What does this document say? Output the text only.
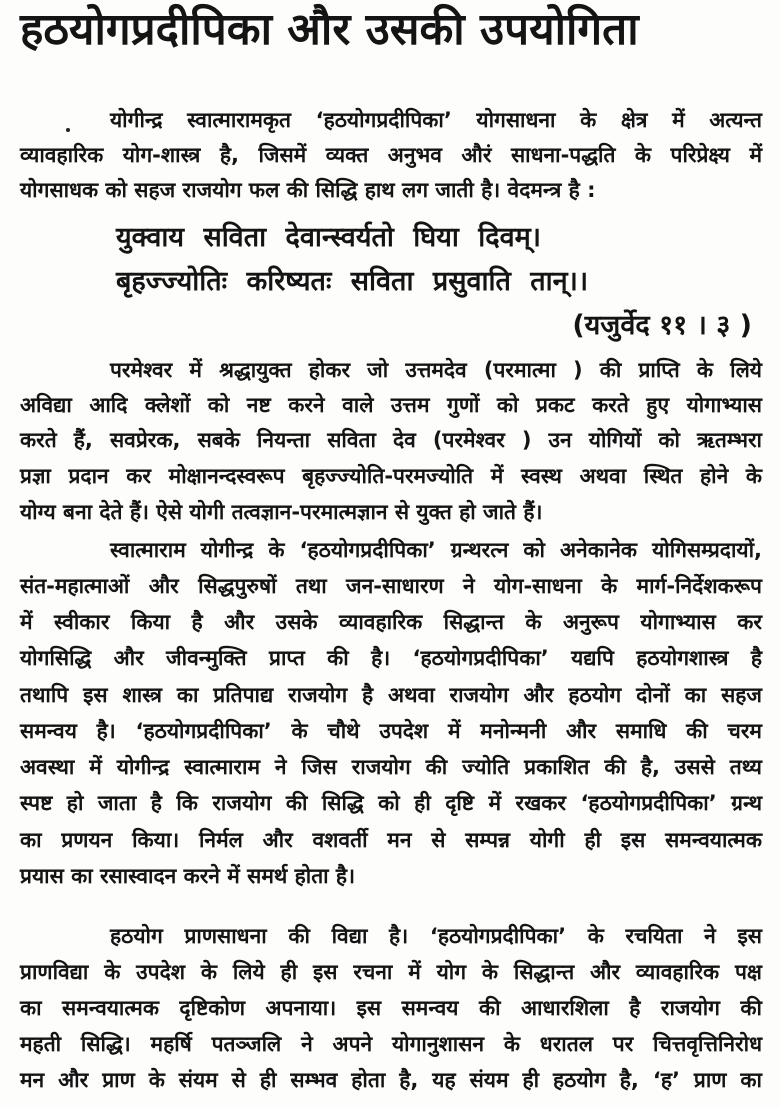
हठयोगप्रदीपिका और उसकी उपयोगिता
योगीन्द्र स्वात्मारामकृत ‘हठयोगप्रदीपिका’ योगसाधना के क्षेत्र में अत्यन्त
व्यावहारिक योग-शास्त्र है, जिसमें व्यक्त अनुभव औरं साधना-पद्धति के परिप्रेक्ष्य में
योगसाधक को सहज राजयोग फल की सिद्धि हाथ लग जाती है। वेदमन्त्र है :
युक्वाय सविता देवान्स्वर्यतो घिया दिवम्।
बृहज्ज्योतिः करिष्यतः सविता प्रसुवाति तान्।।
(यजुर्वेद ११ । ३ )
परमेश्वर में श्रद्धायुक्त होकर जो उत्तमदेव (परमात्मा ) की प्राप्ति के लिये
अविद्या आदि क्लेशों को नष्ट करने वाले उत्तम गुणों को प्रकट करते हुए योगाभ्यास
करते हैं, सवप्रेरक, सबके नियन्ता सविता देव (परमेश्वर ) उन योगियों को ऋतम्भरा
प्रज्ञा प्रदान कर मोक्षानन्दस्वरूप बृहज्ज्योति-परमज्योति में स्वस्थ अथवा स्थित होने के
योग्य बना देते हैं। ऐसे योगी तत्वज्ञान-परमात्मज्ञान से युक्त हो जाते हैं।
स्वात्माराम योगीन्द्र के ‘हठयोगप्रदीपिका’ ग्रन्थरत्न को अनेकानेक योगिसम्प्रदायों,
संत-महात्माओं और सिद्धपुरुषों तथा जन-साधारण ने योग-साधना के मार्ग-निर्देशकरूप
में स्वीकार किया है और उसके व्यावहारिक सिद्धान्त के अनुरूप योगाभ्यास कर
योगसिद्धि और जीवन्मुक्ति प्राप्त की है। ‘हठयोगप्रदीपिका’ यद्यपि हठयोगशास्त्र है
तथापि इस शास्त्र का प्रतिपाद्य राजयोग है अथवा राजयोग और हठयोग दोनों का सहज
समन्वय है। ‘हठयोगप्रदीपिका’ के चौथे उपदेश में मनोन्मनी और समाधि की चरम
अवस्था में योगीन्द्र स्वात्माराम ने जिस राजयोग की ज्योति प्रकाशित की है, उससे तथ्य
स्पष्ट हो जाता है कि राजयोग की सिद्धि को ही दृष्टि में रखकर ‘हठयोगप्रदीपिका’ ग्रन्थ
का प्रणयन किया। निर्मल और वशवर्ती मन से सम्पन्न योगी ही इस समन्वयात्मक
प्रयास का रसास्वादन करने में समर्थ होता है।
हठयोग प्राणसाधना की विद्या है। ‘हठयोगप्रदीपिका’ के रचयिता ने इस
प्राणविद्या के उपदेश के लिये ही इस रचना में योग के सिद्धान्त और व्यावहारिक पक्ष
का समन्वयात्मक दृष्टिकोण अपनाया। इस समन्वय की आधारशिला है राजयोग की
महती सिद्धि। महर्षि पतञ्जलि ने अपने योगानुशासन के धरातल पर चित्तवृत्तिनिरोध
मन और प्राण के संयम से ही सम्भव होता है, यह संयम ही हठयोग है, ‘ह’ प्राण का
